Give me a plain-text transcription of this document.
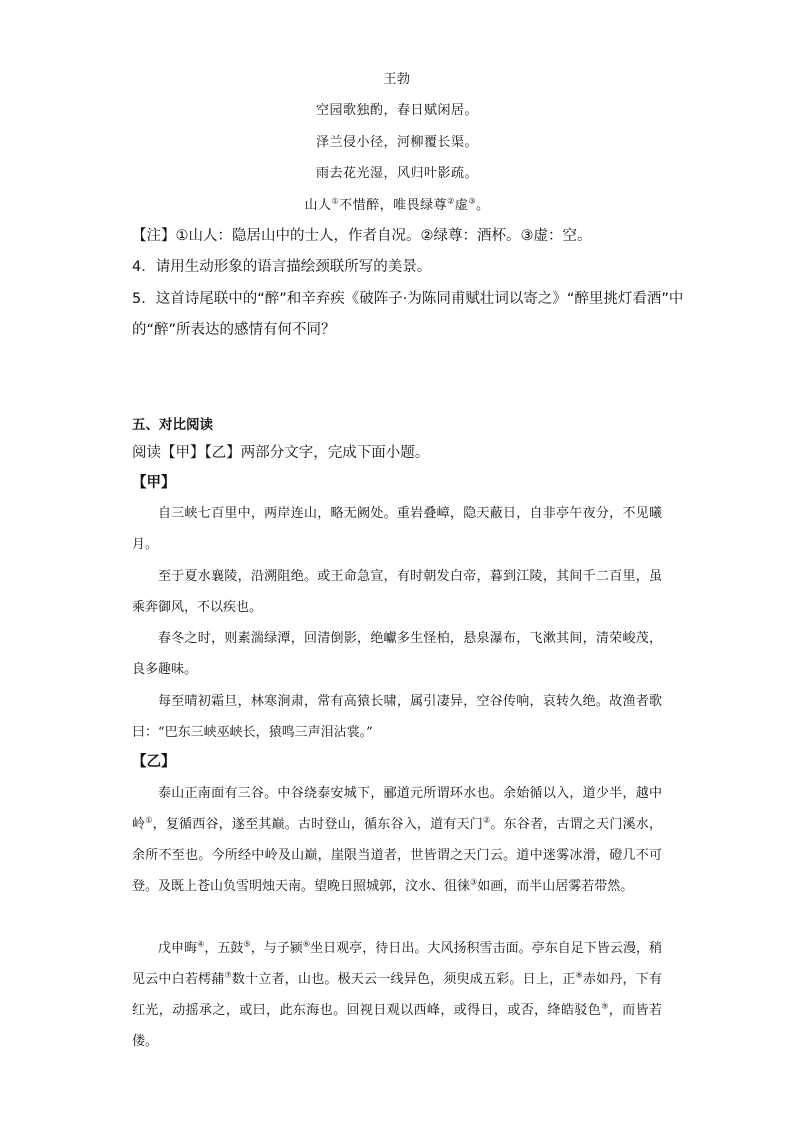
王勃
空园歌独酌，春日赋闲居。
泽兰侵小径，河柳覆长渠。
雨去花光湿，风归叶影疏。
山人①不惜醉，唯畏绿尊②虚③。
【注】①山人：隐居山中的士人，作者自况。②绿尊：酒杯。③虚：空。
4．请用生动形象的语言描绘颈联所写的美景。
5．这首诗尾联中的“醉”和辛弃疾《破阵子·为陈同甫赋壮词以寄之》“醉里挑灯看酒”中
的“醉”所表达的感情有何不同？
五、对比阅读
阅读【甲】【乙】两部分文字，完成下面小题。
【甲】
自三峡七百里中，两岸连山，略无阙处。重岩叠嶂，隐天蔽日，自非亭午夜分，不见曦月。
至于夏水襄陵，沿溯阻绝。或王命急宣，有时朝发白帝，暮到江陵，其间千二百里，虽乘奔御风，不以疾也。
春冬之时，则素湍绿潭，回清倒影，绝巘多生怪柏，悬泉瀑布，飞漱其间，清荣峻茂，良多趣味。
每至晴初霜旦，林寒涧肃，常有高猿长啸，属引凄异，空谷传响，哀转久绝。故渔者歌曰：“巴东三峡巫峡长，猿鸣三声泪沾裳。”
【乙】
泰山正南面有三谷。中谷绕泰安城下，郦道元所谓环水也。余始循以入，道少半，越中岭①，复循西谷，遂至其巅。古时登山，循东谷入，道有天门②。东谷者，古谓之天门溪水，余所不至也。今所经中岭及山巅，崖限当道者，世皆谓之天门云。道中迷雾冰滑，磴几不可登。及既上苍山负雪明烛天南。望晚日照城郭，汶水、徂徕③如画，而半山居雾若带然。
戊申晦④，五鼓⑤，与子颍⑥坐日观亭，待日出。大风扬积雪击面。亭东自足下皆云漫，稍见云中白若樗蒱⑦数十立者，山也。极天云一线异色，须臾成五彩。日上，正⑧赤如丹，下有红光，动摇承之，或曰，此东海也。回视日观以西峰，或得日，或否，绛皓驳色⑨，而皆若偻。
